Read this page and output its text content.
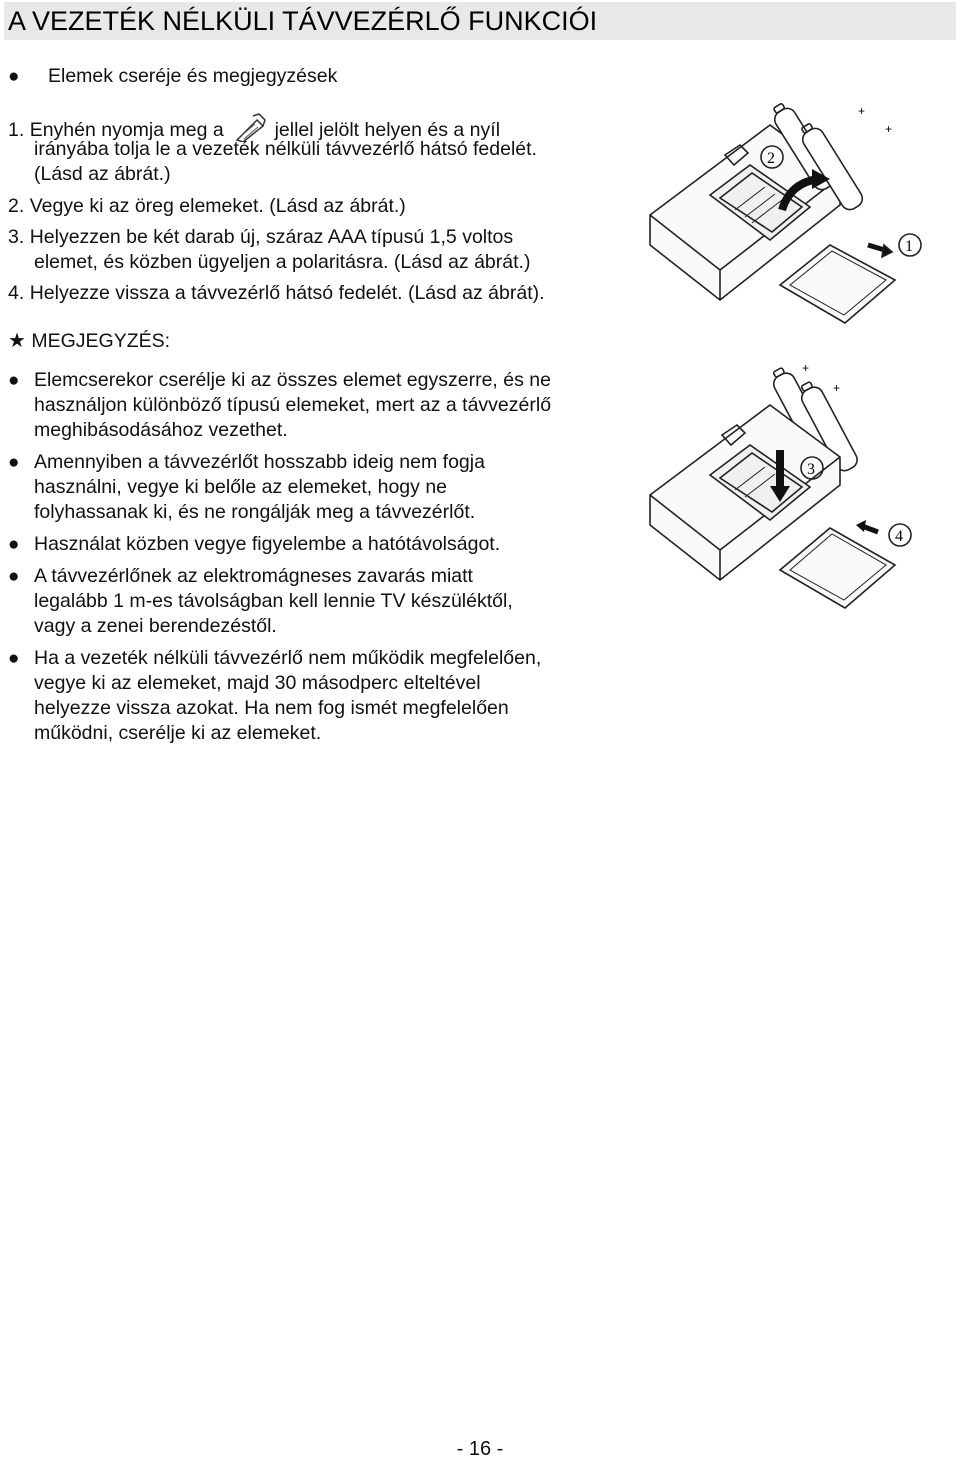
A VEZETÉK NÉLKÜLI TÁVVEZÉRLŐ FUNKCIÓI
● Elemek cseréje és megjegyzések
1. Enyhén nyomja meg a	jellel jelölt helyen és a nyíl
irányába tolja le a vezeték nélküli távvezérlő hátsó fedelét.
(Lásd az ábrát.)
2. Vegye ki az öreg elemeket. (Lásd az ábrát.)
3. Helyezzen be két darab új, száraz AAA típusú 1,5 voltos
elemet, és közben ügyeljen a polaritásra. (Lásd az ábrát.)
4. Helyezze vissza a távvezérlő hátsó fedelét. (Lásd az ábrát).
★ MEGJEGYZÉS:
● Elemcserekor cserélje ki az összes elemet egyszerre, és ne
használjon különböző típusú elemeket, mert az a távvezérlő
meghibásodásához vezethet.
● Amennyiben a távvezérlőt hosszabb ideig nem fogja
használni, vegye ki belőle az elemeket, hogy ne
folyhassanak ki, és ne rongálják meg a távvezérlőt.
● Használat közben vegye figyelembe a hatótávolságot.
● A távvezérlőnek az elektromágneses zavarás miatt
legalább 1 m-es távolságban kell lennie TV készüléktől,
vagy a zenei berendezéstől.
● Ha a vezeték nélküli távvezérlő nem működik megfelelően,
vegye ki az elemeket, majd 30 másodperc elteltével
helyezze vissza azokat. Ha nem fog ismét megfelelően
működni, cserélje ki az elemeket.
2
1
+
+
3
4
+
+
- 16 -
